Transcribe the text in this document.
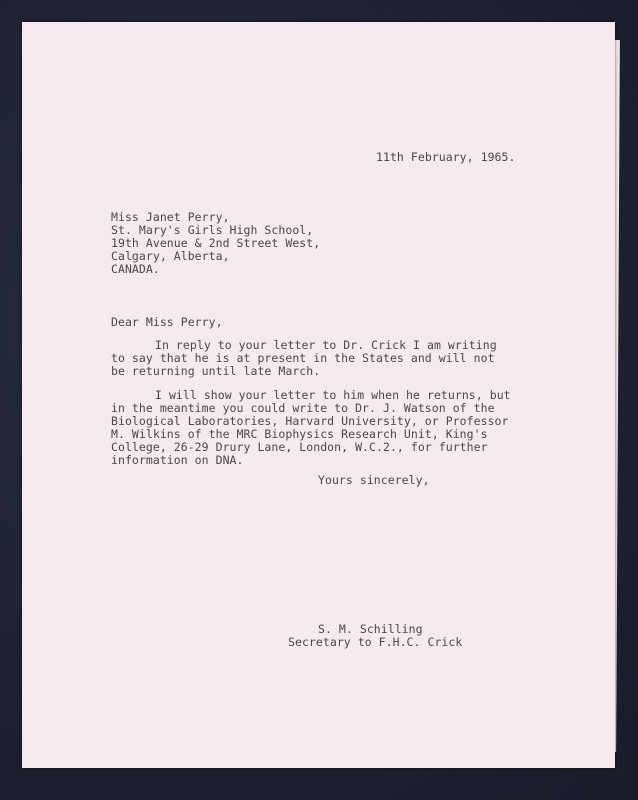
11th February, 1965.
Miss Janet Perry,
St. Mary's Girls High School,
19th Avenue & 2nd Street West,
Calgary, Alberta,
CANADA.
Dear Miss Perry,
In reply to your letter to Dr. Crick I am writing
to say that he is at present in the States and will not
be returning until late March.
I will show your letter to him when he returns, but
in the meantime you could write to Dr. J. Watson of the
Biological Laboratories, Harvard University, or Professor
M. Wilkins of the MRC Biophysics Research Unit, King's
College, 26-29 Drury Lane, London, W.C.2., for further
information on DNA.
Yours sincerely,
S. M. Schilling
Secretary to F.H.C. Crick
